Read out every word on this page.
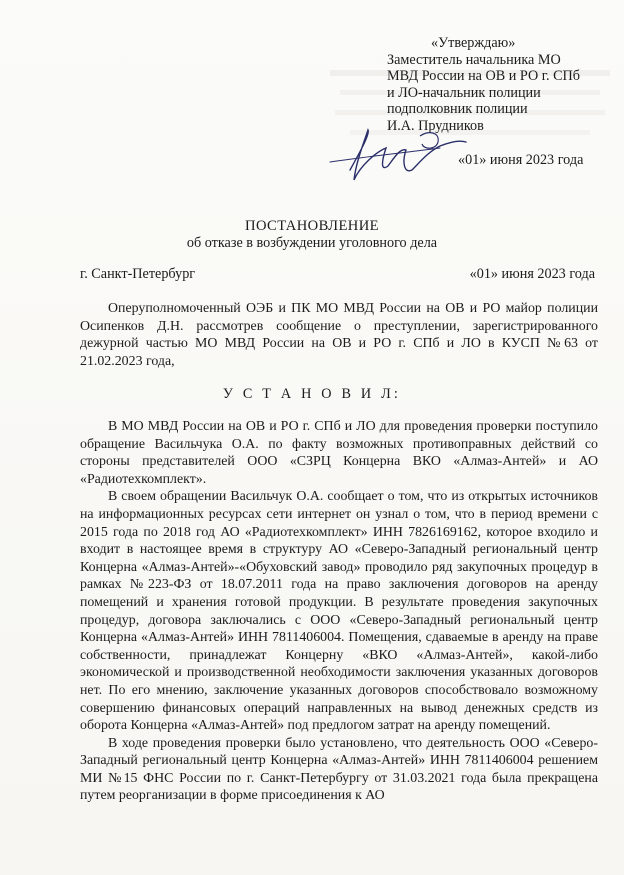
«Утверждаю»
Заместитель начальника МО
МВД России на ОВ и РО г. СПб
и ЛО-начальник полиции
подполковник полиции
И.А. Прудников
«01» июня 2023 года
ПОСТАНОВЛЕНИЕ
об отказе в возбуждении уголовного дела
г. Санкт-Петербург	«01» июня 2023 года

Оперуполномоченный ОЭБ и ПК МО МВД России на ОВ и РО майор полиции Осипенков Д.Н. рассмотрев сообщение о преступлении, зарегистрированного дежурной частью МО МВД России на ОВ и РО г. СПб и ЛО в КУСП №63 от 21.02.2023 года,

У С Т А Н О В И Л:

В МО МВД России на ОВ и РО г. СПб и ЛО для проведения проверки поступило обращение Васильчука О.А. по факту возможных противоправных действий со стороны представителей ООО «СЗРЦ Концерна ВКО «Алмаз-Антей» и АО «Радиотехкомплект».

В своем обращении Васильчук О.А. сообщает о том, что из открытых источников на информационных ресурсах сети интернет он узнал о том, что в период времени с 2015 года по 2018 год АО «Радиотехкомплект» ИНН 7826169162, которое входило и входит в настоящее время в структуру АО «Северо-Западный региональный центр Концерна «Алмаз-Антей»-«Обуховский завод» проводило ряд закупочных процедур в рамках №223-ФЗ от 18.07.2011 года на право заключения договоров на аренду помещений и хранения готовой продукции. В результате проведения закупочных процедур, договора заключались с ООО «Северо-Западный региональный центр Концерна «Алмаз-Антей» ИНН 7811406004. Помещения, сдаваемые в аренду на праве собственности, принадлежат Концерну «ВКО «Алмаз-Антей», какой-либо экономической и производственной необходимости заключения указанных договоров нет. По его мнению, заключение указанных договоров способствовало возможному совершению финансовых операций направленных на вывод денежных средств из оборота Концерна «Алмаз-Антей» под предлогом затрат на аренду помещений.

В ходе проведения проверки было установлено, что деятельность ООО «Северо-Западный региональный центр Концерна «Алмаз-Антей» ИНН 7811406004 решением МИ №15 ФНС России по г. Санкт-Петербургу от 31.03.2021 года была прекращена путем реорганизации в форме присоединения к АО
